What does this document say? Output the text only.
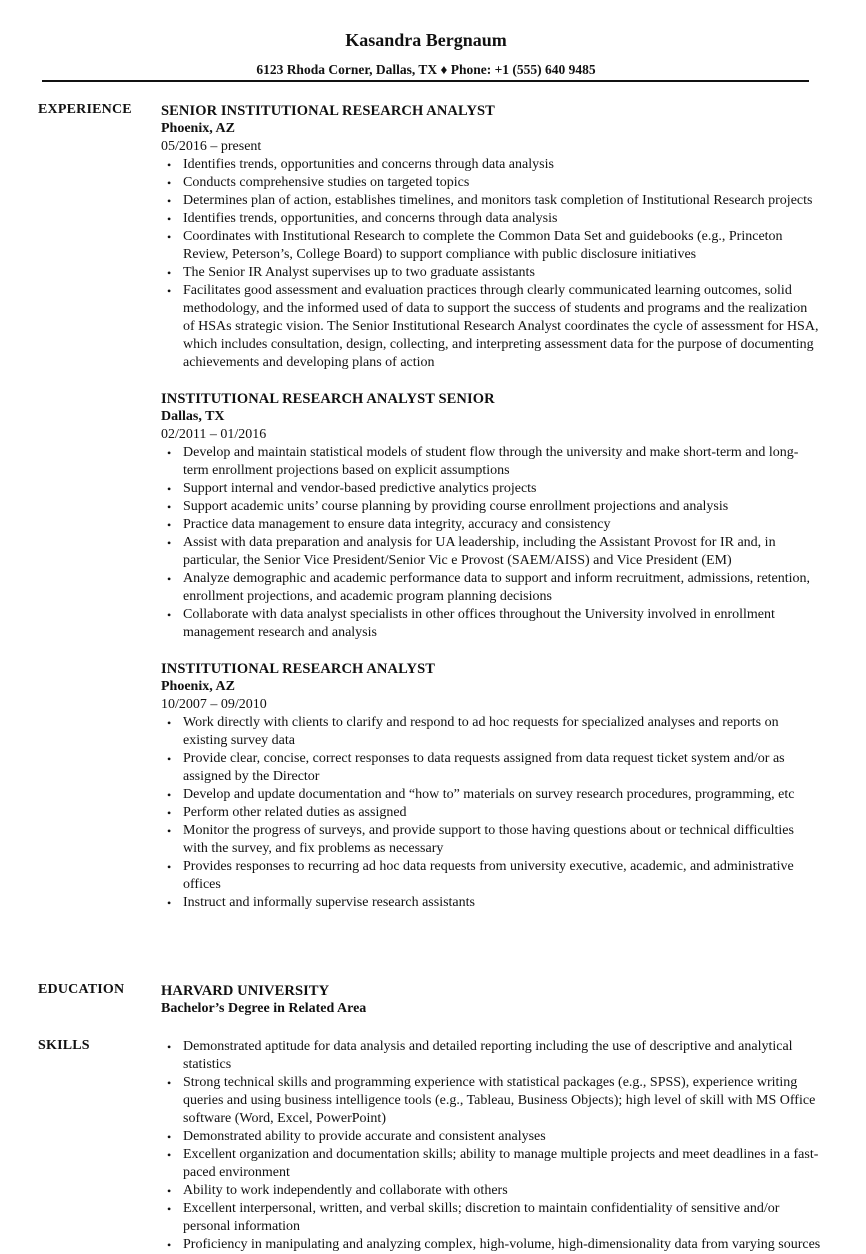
Kasandra Bergnaum
6123 Rhoda Corner, Dallas, TX ♦ Phone: +1 (555) 640 9485
EXPERIENCE SENIOR INSTITUTIONAL RESEARCH ANALYST
Phoenix, AZ
05/2016 – present
• Identifies trends, opportunities and concerns through data analysis
• Conducts comprehensive studies on targeted topics
• Determines plan of action, establishes timelines, and monitors task completion of Institutional Research projects
• Identifies trends, opportunities, and concerns through data analysis
• Coordinates with Institutional Research to complete the Common Data Set and guidebooks (e.g., Princeton Review, Peterson’s, College Board) to support compliance with public disclosure initiatives
• The Senior IR Analyst supervises up to two graduate assistants
• Facilitates good assessment and evaluation practices through clearly communicated learning outcomes, solid methodology, and the informed used of data to support the success of students and programs and the realization of HSAs strategic vision. The Senior Institutional Research Analyst coordinates the cycle of assessment for HSA, which includes consultation, design, collecting, and interpreting assessment data for the purpose of documenting achievements and developing plans of action
INSTITUTIONAL RESEARCH ANALYST SENIOR
Dallas, TX
02/2011 – 01/2016
• Develop and maintain statistical models of student flow through the university and make short-term and long-term enrollment projections based on explicit assumptions
• Support internal and vendor-based predictive analytics projects
• Support academic units’ course planning by providing course enrollment projections and analysis
• Practice data management to ensure data integrity, accuracy and consistency
• Assist with data preparation and analysis for UA leadership, including the Assistant Provost for IR and, in particular, the Senior Vice President/Senior Vic e Provost (SAEM/AISS) and Vice President (EM)
• Analyze demographic and academic performance data to support and inform recruitment, admissions, retention, enrollment projections, and academic program planning decisions
• Collaborate with data analyst specialists in other offices throughout the University involved in enrollment management research and analysis
INSTITUTIONAL RESEARCH ANALYST
Phoenix, AZ
10/2007 – 09/2010
• Work directly with clients to clarify and respond to ad hoc requests for specialized analyses and reports on existing survey data
• Provide clear, concise, correct responses to data requests assigned from data request ticket system and/or as assigned by the Director
• Develop and update documentation and “how to” materials on survey research procedures, programming, etc
• Perform other related duties as assigned
• Monitor the progress of surveys, and provide support to those having questions about or technical difficulties with the survey, and fix problems as necessary
• Provides responses to recurring ad hoc data requests from university executive, academic, and administrative offices
• Instruct and informally supervise research assistants
EDUCATION	HARVARD UNIVERSITY
Bachelor’s Degree in Related Area
SKILLS
•	Demonstrated aptitude for data analysis and detailed reporting including the use of descriptive and analytical statistics
• Strong technical skills and programming experience with statistical packages (e.g., SPSS), experience writing queries and using business intelligence tools (e.g., Tableau, Business Objects); high level of skill with MS Office software (Word, Excel, PowerPoint)
• Demonstrated ability to provide accurate and consistent analyses
• Excellent organization and documentation skills; ability to manage multiple projects and meet deadlines in a fast-paced environment
• Ability to work independently and collaborate with others
• Excellent interpersonal, written, and verbal skills; discretion to maintain confidentiality of sensitive and/or personal information
• Proficiency in manipulating and analyzing complex, high-volume, high-dimensionality data from varying sources
